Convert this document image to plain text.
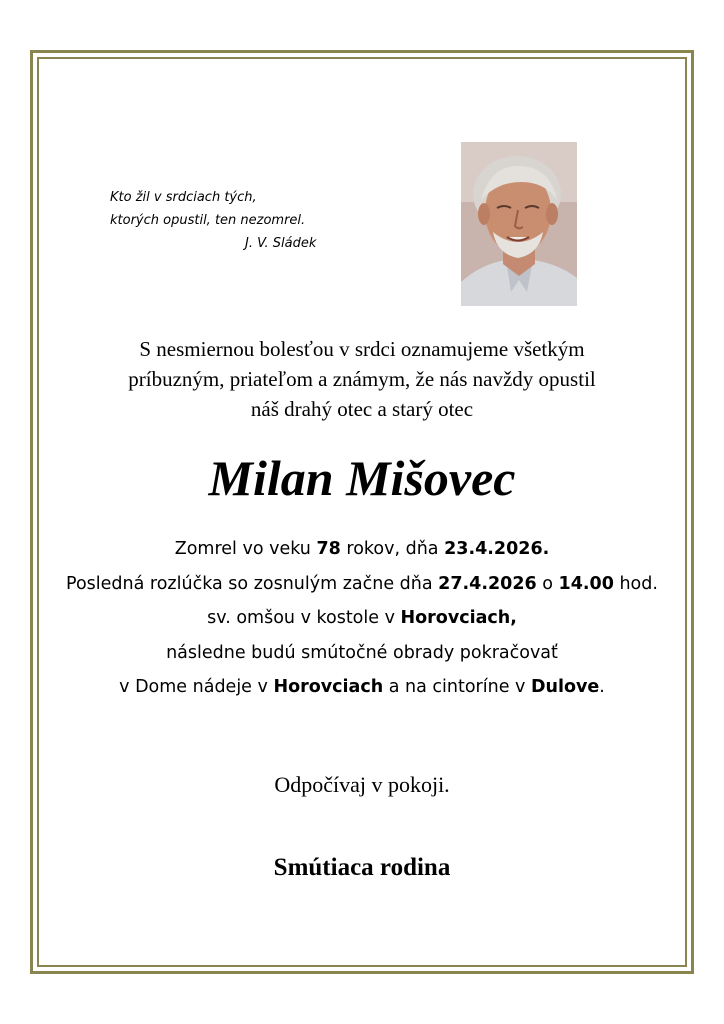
Kto žil v srdciach tých,
ktorých opustil, ten nezomrel.
J. V. Sládek
S nesmiernou bolesťou v srdci oznamujeme všetkým
príbuzným, priateľom a známym, že nás navždy opustil
náš drahý otec a starý otec
Milan Mišovec
Zomrel vo veku 78 rokov, dňa 23.4.2026.
Posledná rozlúčka so zosnulým začne dňa 27.4.2026 o 14.00 hod.
sv. omšou v kostole v Horovciach,
následne budú smútočné obrady pokračovať
v Dome nádeje v Horovciach a na cintoríne v Dulove.
Odpočívaj v pokoji.
Smútiaca rodina
